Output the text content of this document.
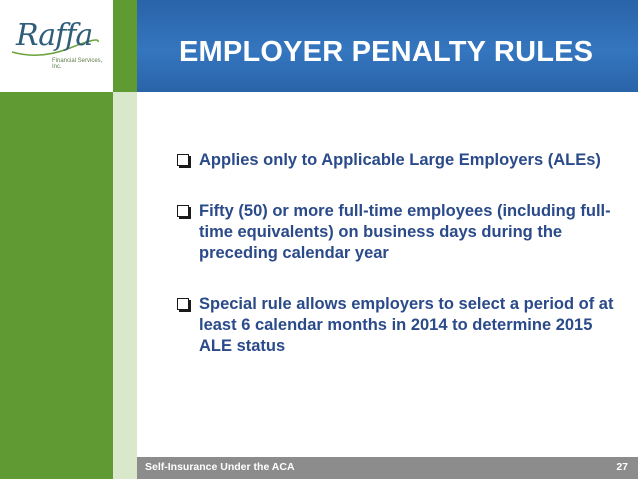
Raffa
Financial Services, Inc.	EMPLOYER PENALTY RULES
Applies only to Applicable Large Employers (ALEs)
Fifty (50) or more full-time employees (including full-time equivalents) on business days during the preceding calendar year
Special rule allows employers to select a period of at least 6 calendar months in 2014 to determine 2015 ALE status
Self-Insurance Under the ACA	27
